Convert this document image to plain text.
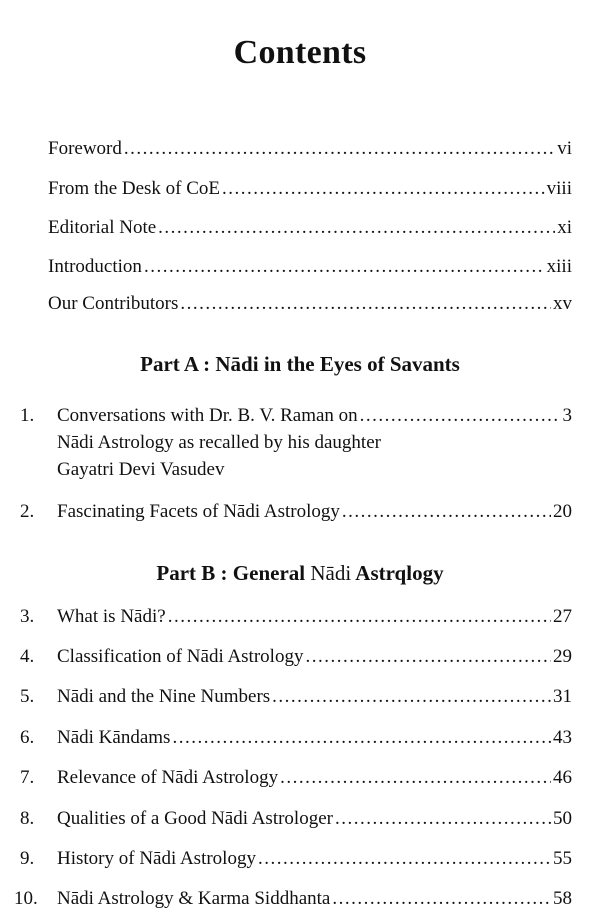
Contents
Foreword .....	vi
From the Desk of CoE .....	viii
Editorial Note .....	xi
Introduction .....	xiii
Our Contributors .....	xv
Part A : Nādi in the Eyes of Savants
1. Conversations with Dr. B. V. Raman on .....	3
Nādi Astrology as recalled by his daughter
Gayatri Devi Vasudev
2. Fascinating Facets of Nādi Astrology .....	20
Part B : General Nādi Astrqlogy
3. What is Nādi? .....	27
4. Classification of Nādi Astrology .....	29
5. Nādi and the Nine Numbers .....	31
6. Nādi Kāndams .....	43
7. Relevance of Nādi Astrology .....	46
8. Qualities of a Good Nādi Astrologer .....	50
9. History of Nādi Astrology .....	55
10. Nādi Astrology & Karma Siddhanta .....	58
